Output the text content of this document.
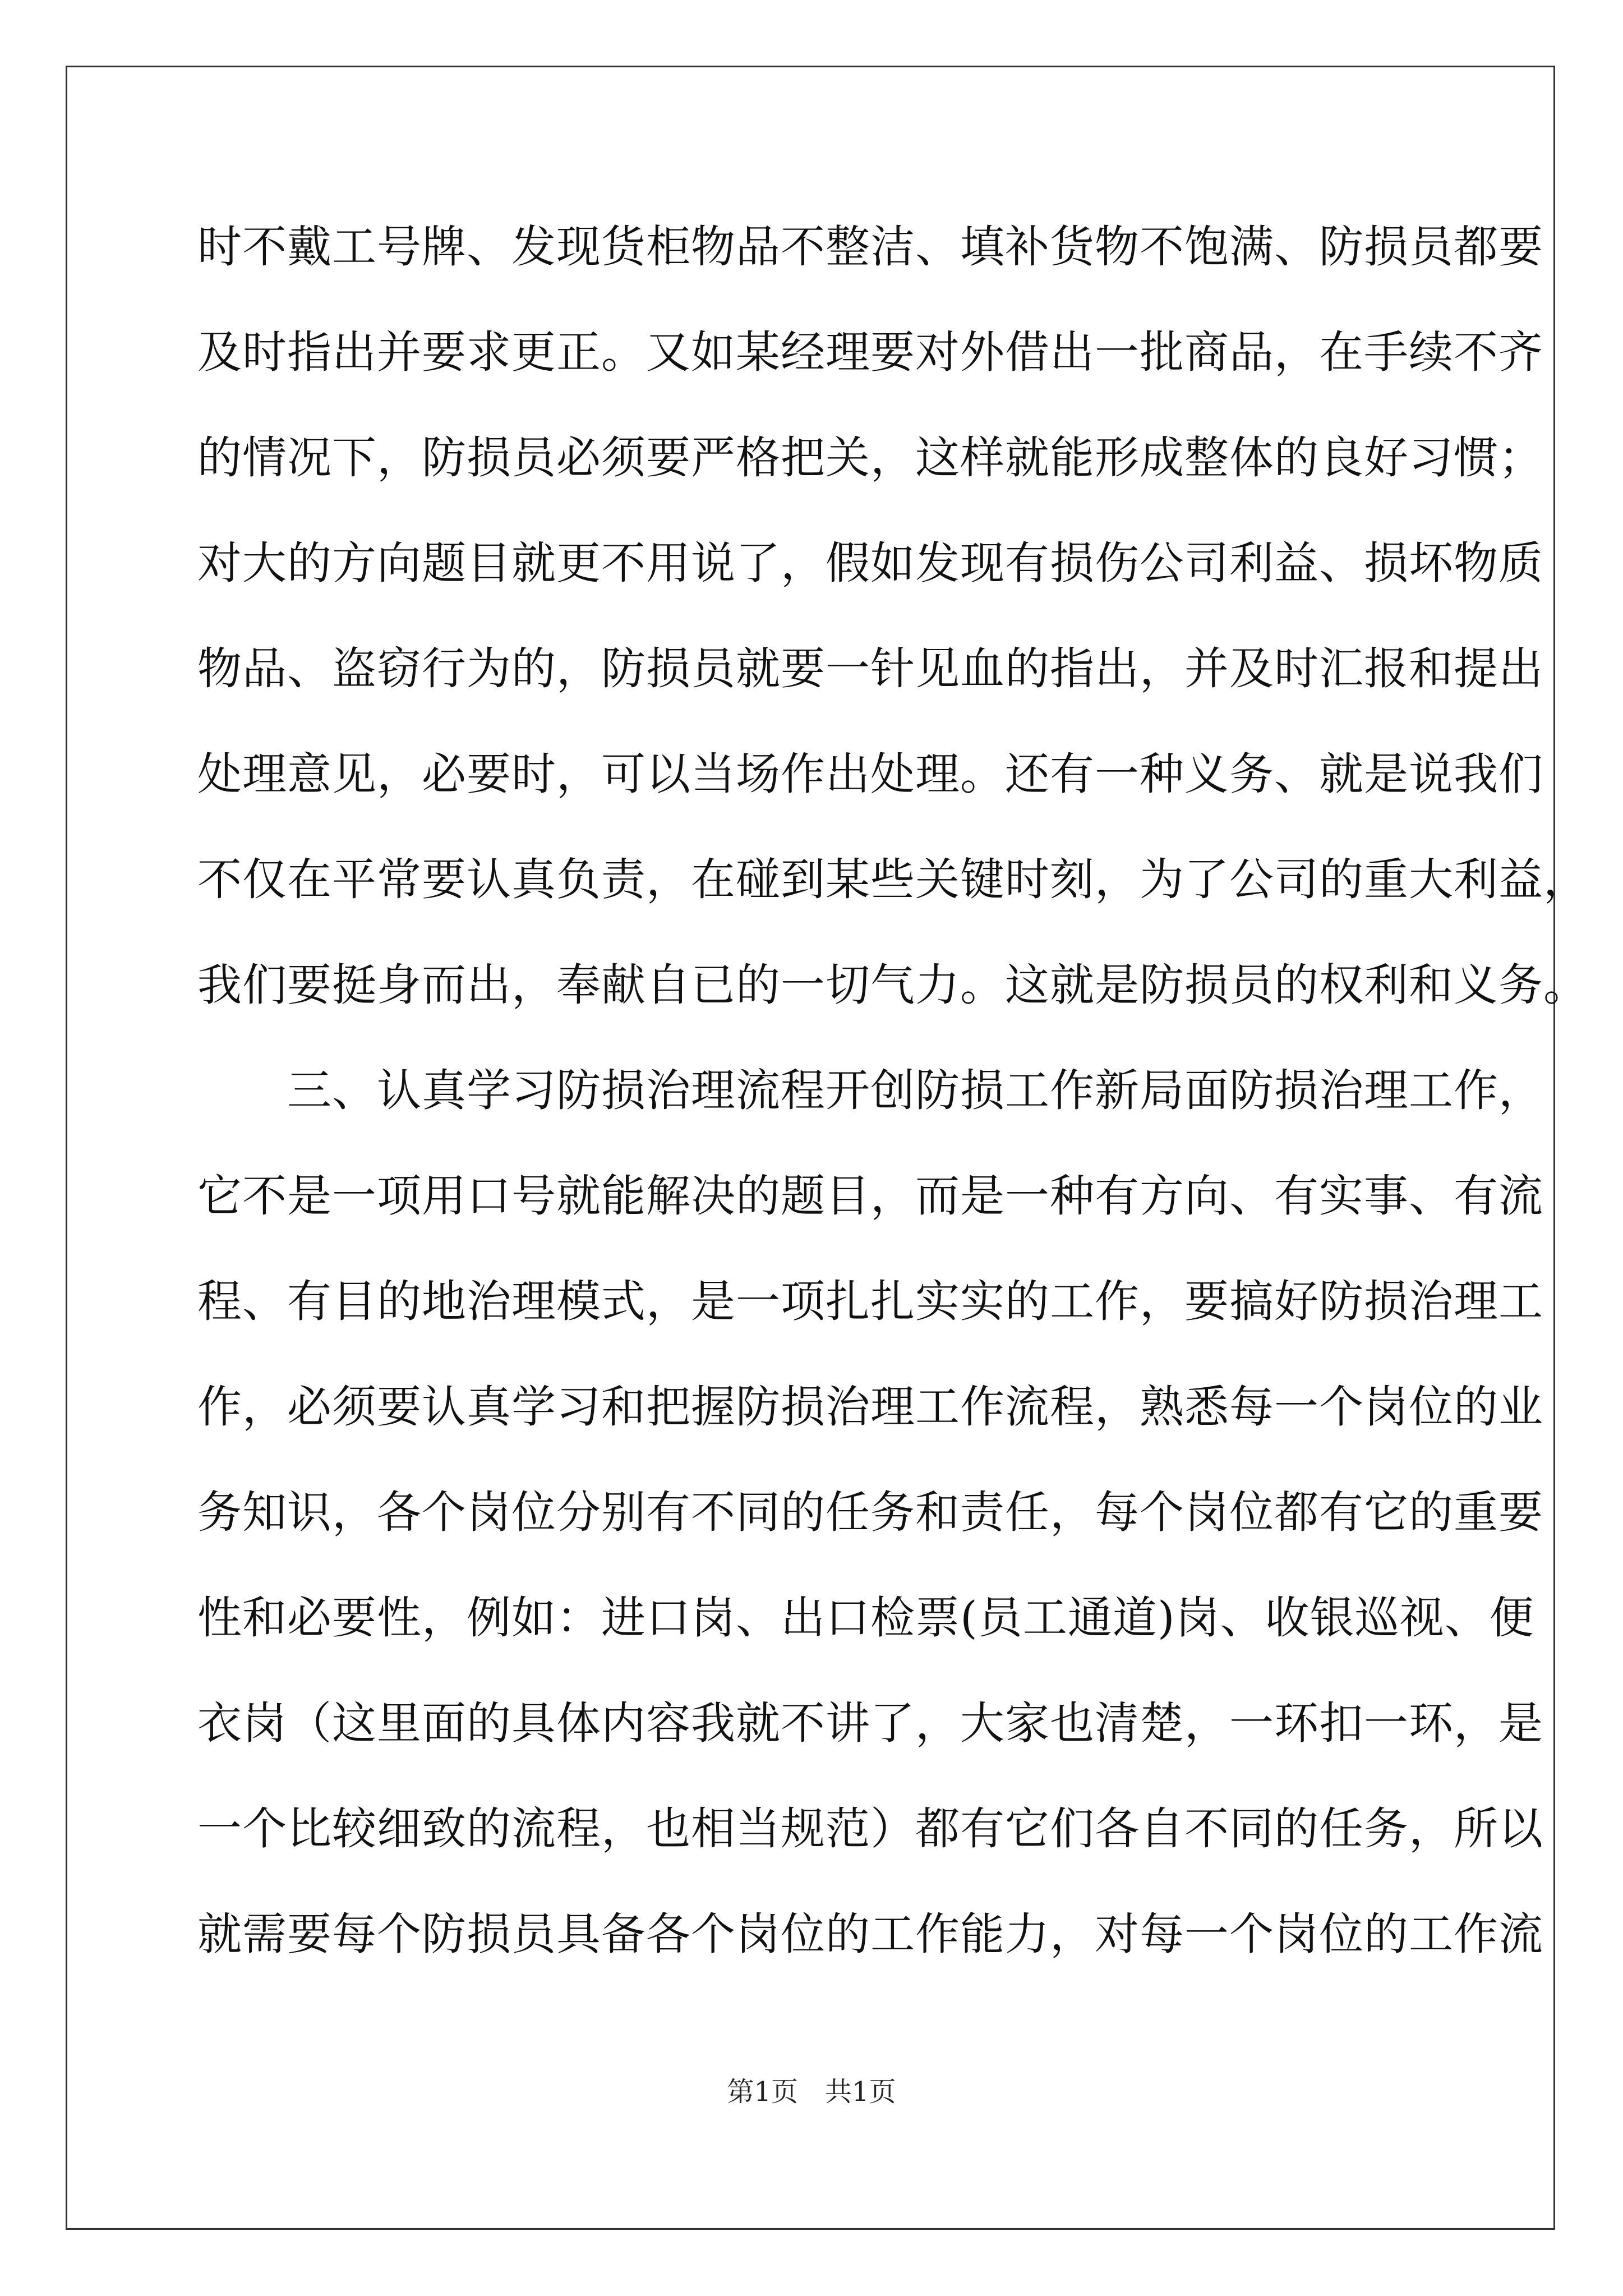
时不戴工号牌、发现货柜物品不整洁、填补货物不饱满、防损员都要
及时指出并要求更正。又如某经理要对外借出一批商品，在手续不齐
的情况下，防损员必须要严格把关，这样就能形成整体的良好习惯；
对大的方向题目就更不用说了，假如发现有损伤公司利益、损坏物质
物品、盗窃行为的，防损员就要一针见血的指出，并及时汇报和提出
处理意见，必要时，可以当场作出处理。还有一种义务、就是说我们
不仅在平常要认真负责，在碰到某些关键时刻，为了公司的重大利益，
我们要挺身而出，奉献自已的一切气力。这就是防损员的权利和义务。
　　三、认真学习防损治理流程开创防损工作新局面防损治理工作，
它不是一项用口号就能解决的题目，而是一种有方向、有实事、有流
程、有目的地治理模式，是一项扎扎实实的工作，要搞好防损治理工
作，必须要认真学习和把握防损治理工作流程，熟悉每一个岗位的业
务知识，各个岗位分别有不同的任务和责任，每个岗位都有它的重要
性和必要性，例如：进口岗、出口检票(员工通道)岗、收银巡视、便
衣岗（这里面的具体内容我就不讲了，大家也清楚，一环扣一环，是
一个比较细致的流程，也相当规范）都有它们各自不同的任务，所以
就需要每个防损员具备各个岗位的工作能力，对每一个岗位的工作流
第1页 共1页
